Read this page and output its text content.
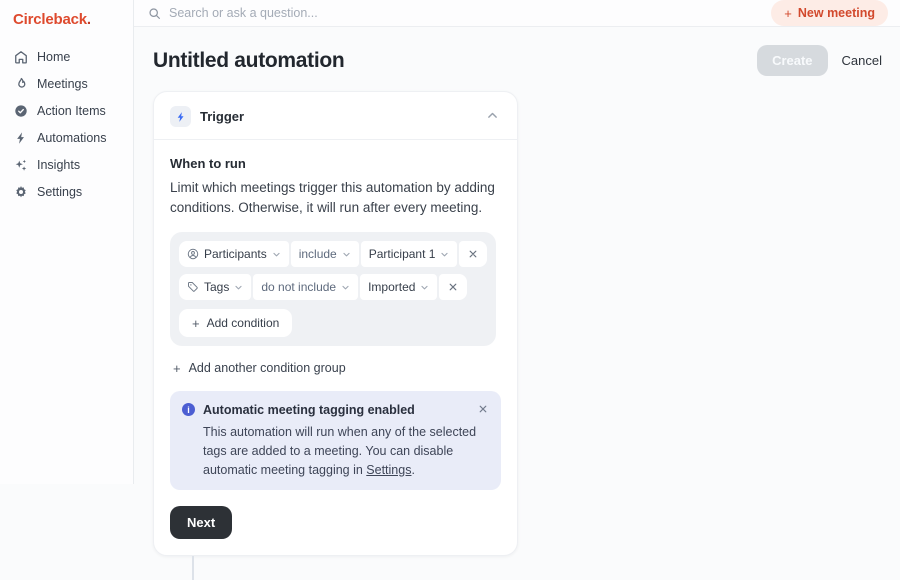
Circleback.
Home
Meetings
Action Items
Automations
Insights
Settings
Search or ask a question...	+ New meeting
Untitled automation	Create	Cancel
Trigger
When to run

Limit which meetings trigger this automation by adding conditions. Otherwise, it will run after every meeting.

Participants	include	Participant 1
Tags	do not include	Imported
+ Add condition
+ Add another condition group
i	Automatic meeting tagging enabled

This automation will run when any of the selected tags are added to a meeting. You can disable automatic meeting tagging in Settings.

Next
